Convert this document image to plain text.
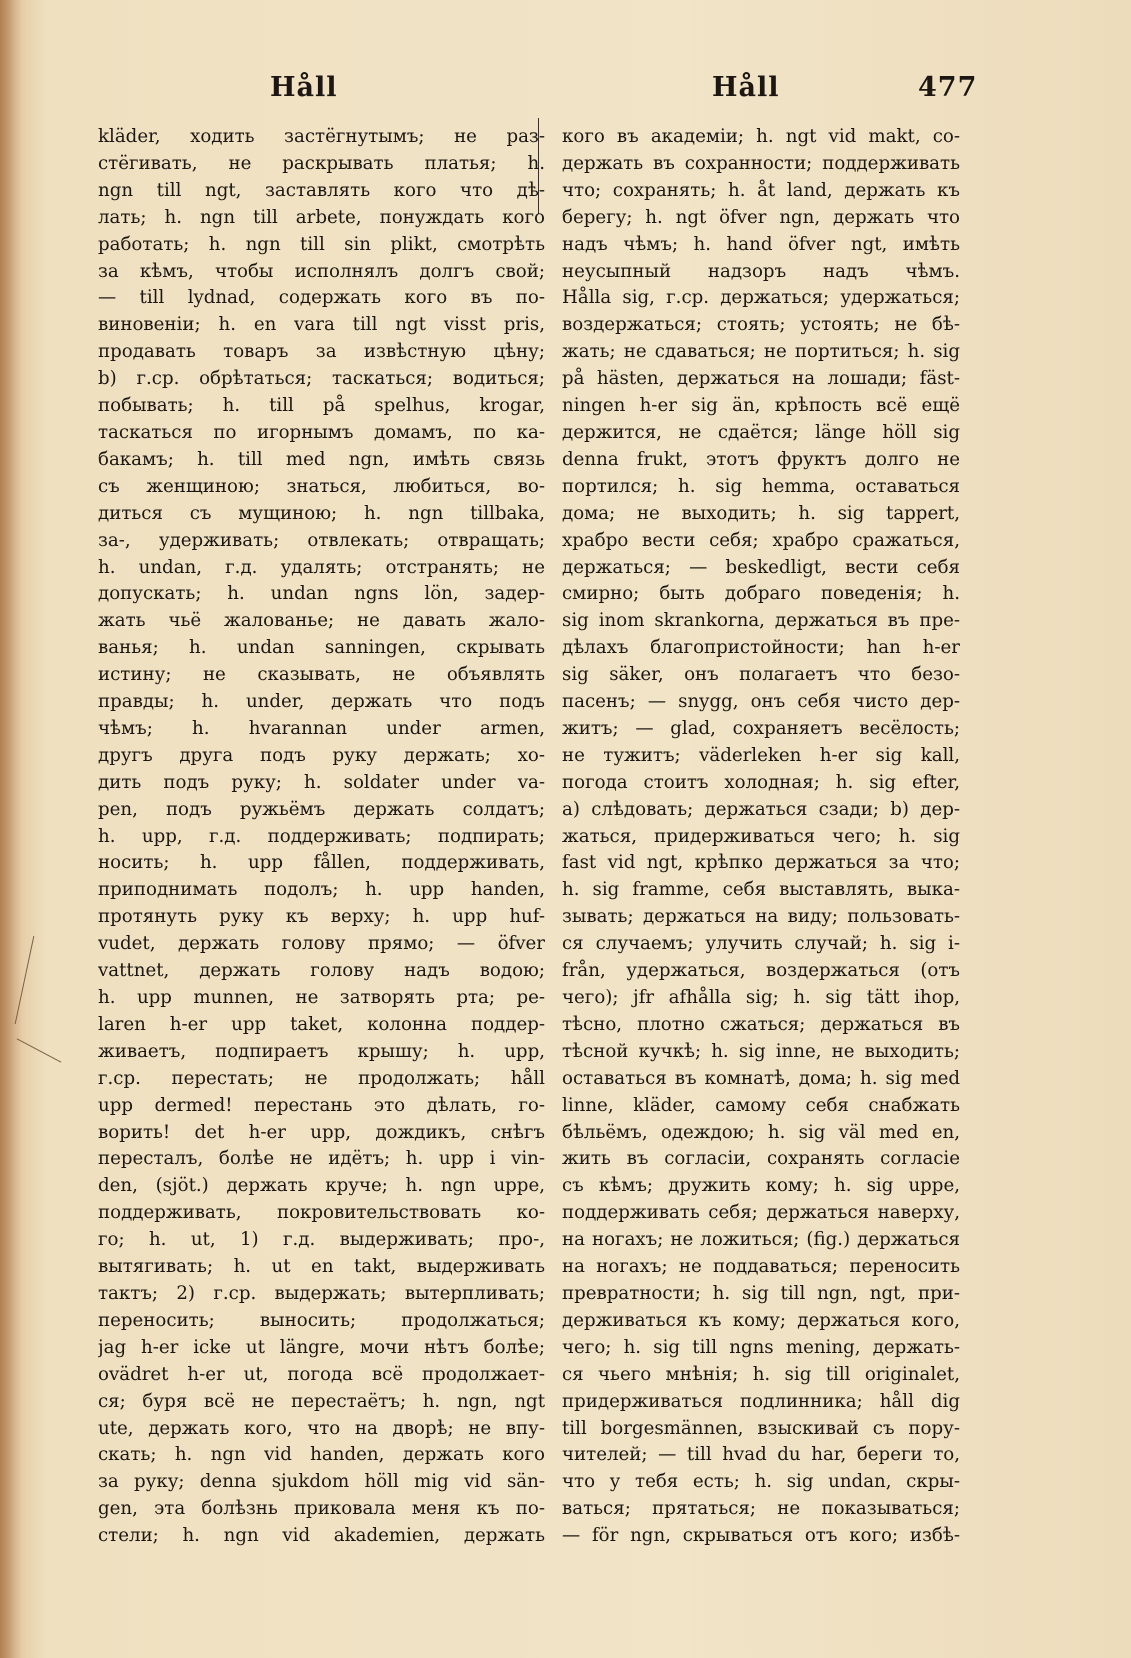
Håll	Håll	477
kläder, ходить застёгнутымъ; не раз-
стёгивать, не раскрывать платья; h.
ngn till ngt, заставлять кого что дѣ-
лать; h. ngn till arbete, понуждать кого
работать; h. ngn till sin plikt, смотрѣть
за кѣмъ, чтобы исполнялъ долгъ свой;
— till lydnad, содержать кого въ по-
виновеніи; h. en vara till ngt visst pris,
продавать товаръ за извѣстную цѣну;
b) г.ср. обрѣтаться; таскаться; водиться;
побывать; h. till på spelhus, krogar,
таскаться по игорнымъ домамъ, по ка-
бакамъ; h. till med ngn, имѣть связь
съ женщиною; знаться, любиться, во-
диться съ мущиною; h. ngn tillbaka,
за-, удерживать; отвлекать; отвращать;
h. undan, г.д. удалять; отстранять; не
допускать; h. undan ngns lön, задер-
жать чьё жалованье; не давать жало-
ванья; h. undan sanningen, скрывать
истину; не сказывать, не объявлять
правды; h. under, держать что подъ
чѣмъ; h. hvarannan under armen,
другъ друга подъ руку держать; хо-
дить подъ руку; h. soldater under va-
pen, подъ ружьёмъ держать солдатъ;
h. upp, г.д. поддерживать; подпирать;
носить; h. upp fållen, поддерживать,
приподнимать подолъ; h. upp handen,
протянуть руку къ верху; h. upp huf-
vudet, держать голову прямо; — öfver
vattnet, держать голову надъ водою;
h. upp munnen, не затворять рта; pe-
laren h-er upp taket, колонна поддер-
живаетъ, подпираетъ крышу; h. upp,
г.ср. перестать; не продолжать; håll
upp dermed! перестань это дѣлать, го-
ворить! det h-er upp, дождикъ, снѣгъ
пересталъ, болѣе не идётъ; h. upp i vin-
den, (sjöt.) держать круче; h. ngn uppe,
поддерживать, покровительствовать ко-
го; h. ut, 1) г.д. выдерживать; про-,
вытягивать; h. ut en takt, выдерживать
тактъ; 2) г.ср. выдержать; вытерпливать;
переносить; выносить; продолжаться;
jag h-er icke ut längre, мочи нѣтъ болѣе;
ovädret h-er ut, погода всё продолжает-
ся; буря всё не перестаётъ; h. ngn, ngt
ute, держать кого, что на дворѣ; не впу-
скать; h. ngn vid handen, держать кого
за руку; denna sjukdom höll mig vid sän-
gen, эта болѣзнь приковала меня къ по-
стели; h. ngn vid akademien, держать
кого въ академіи; h. ngt vid makt, со-
держать въ сохранности; поддерживать
что; сохранять; h. åt land, держать къ
берегу; h. ngt öfver ngn, держать что
надъ чѣмъ; h. hand öfver ngt, имѣть
неусыпный надзоръ надъ чѣмъ.
Hålla sig, г.ср. держаться; удержаться;
воздержаться; стоять; устоять; не бѣ-
жать; не сдаваться; не портиться; h. sig
på hästen, держаться на лошади; fäst-
ningen h-er sig än, крѣпость всё ещё
держится, не сдаётся; länge höll sig
denna frukt, этотъ фруктъ долго не
портился; h. sig hemma, оставаться
дома; не выходить; h. sig tappert,
храбро вести себя; храбро сражаться,
держаться; — beskedligt, вести себя
смирно; быть добраго поведенія; h.
sig inom skrankorna, держаться въ пре-
дѣлахъ благопристойности; han h-er
sig säker, онъ полагаетъ что безо-
пасенъ; — snygg, онъ себя чисто дер-
житъ; — glad, сохраняетъ весёлость;
не тужитъ; väderleken h-er sig kall,
погода стоитъ холодная; h. sig efter,
a) слѣдовать; держаться сзади; b) дер-
жаться, придерживаться чего; h. sig
fast vid ngt, крѣпко держаться за что;
h. sig framme, себя выставлять, выка-
зывать; держаться на виду; пользовать-
ся случаемъ; улучить случай; h. sig i-
från, удержаться, воздержаться (отъ
чего); jfr afhålla sig; h. sig tätt ihop,
тѣсно, плотно сжаться; держаться въ
тѣсной кучкѣ; h. sig inne, не выходить;
оставаться въ комнатѣ, дома; h. sig med
linne, kläder, самому себя снабжать
бѣльёмъ, одеждою; h. sig väl med en,
жить въ согласіи, сохранять согласіе
съ кѣмъ; дружить кому; h. sig uppe,
поддерживать себя; держаться наверху,
на ногахъ; не ложиться; (fig.) держаться
на ногахъ; не поддаваться; переносить
превратности; h. sig till ngn, ngt, при-
держиваться къ кому; держаться кого,
чего; h. sig till ngns mening, держать-
ся чьего мнѣнія; h. sig till originalet,
придерживаться подлинника; håll dig
till borgesmännen, взыскивай съ пору-
чителей; — till hvad du har, береги то,
что у тебя есть; h. sig undan, скры-
ваться; прятаться; не показываться;
— för ngn, скрываться отъ кого; избѣ-
